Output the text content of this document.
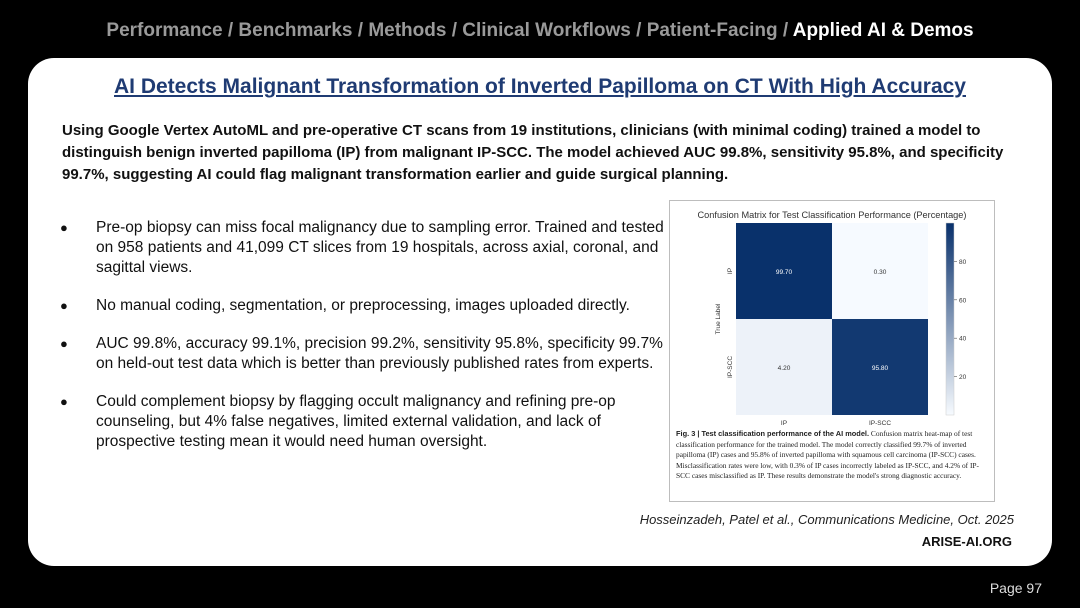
Performance / Benchmarks / Methods / Clinical Workflows / Patient-Facing / Applied AI & Demos
AI Detects Malignant Transformation of Inverted Papilloma on CT With High Accuracy
Using Google Vertex AutoML and pre-operative CT scans from 19 institutions, clinicians (with minimal coding) trained a model to distinguish benign inverted papilloma (IP) from malignant IP-SCC. The model achieved AUC 99.8%, sensitivity 95.8%, and specificity 99.7%, suggesting AI could flag malignant transformation earlier and guide surgical planning.
● Pre-op biopsy can miss focal malignancy due to sampling error. Trained and tested on 958 patients and 41,099 CT slices from 19 hospitals, across axial, coronal, and sagittal views.
● No manual coding, segmentation, or preprocessing, images uploaded directly.
● AUC 99.8%, accuracy 99.1%, precision 99.2%, sensitivity 95.8%, specificity 99.7% on held-out test data which is better than previously published rates from experts.
● Could complement biopsy by flagging occult malignancy and refining pre-op counseling, but 4% false negatives, limited external validation, and lack of prospective testing mean it would need human oversight.
Confusion Matrix for Test Classification Performance (Percentage)
99.70	0.30
4.20	95.80
IP
IP-SCC
IP	IP-SCC
True Label
80
60
40
20
Fig. 3 | Test classification performance of the AI model. Confusion matrix heat-map of test classification performance for the trained model. The model correctly classified 99.7% of inverted papilloma (IP) cases and 95.8% of inverted papilloma with squamous cell carcinoma (IP-SCC) cases. Misclassification rates were low, with 0.3% of IP cases incorrectly labeled as IP-SCC, and 4.2% of IP-SCC cases misclassified as IP. These results demonstrate the model's strong diagnostic accuracy.
Hosseinzadeh, Patel et al., Communications Medicine, Oct. 2025
ARISE-AI.ORG
Page 97
